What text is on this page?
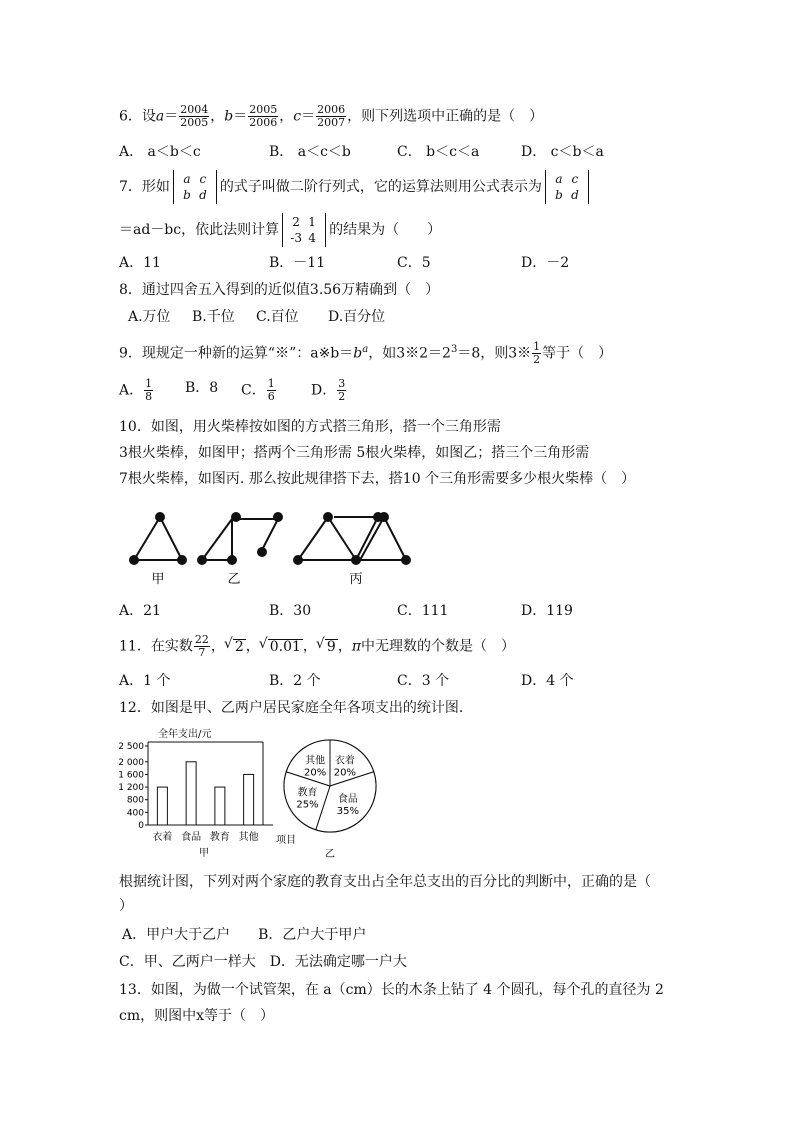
6．设$a= \frac{2004}{2005}$ ，$b= \frac{2005}{2006}$ ，$c= \frac{2006}{2007}$ ，则下列选项中正确的是（　）
A． a＜b＜c	B． a＜c＜b	C． b＜c＜a	D． c＜b＜a
7．形如	a c
b d 的式子叫做二阶行列式，它的运算法则用公式表示为	a c
b d
＝ad－bc，依此法则计算	2 1
-3 4 的结果为（　　）
A．11	B．－11	C．5	D．－2
8．通过四舍五入得到的近似值3.56万精确到（　）
A.万位 B.千位 C.百位 D.百分位
9．现规定一种新的运算“※”：$a※b=b^a$，如$3※2=2^3=8$，则3※ $\frac{1}{2}$ 等于（　）
A． $\frac{1}{8}$ B．8 C． $\frac{1}{6}$	D． $\frac{3}{2}$
10．如图，用火柴棒按如图的方式搭三角形，搭一个三角形需
3根火柴棒，如图甲；搭两个三角形需 5根火柴棒，如图乙；搭三个三角形需
7根火柴棒，如图丙. 那么按此规律搭下去，搭10 个三角形需要多少根火柴棒（　）
甲	乙	丙
A．21	B．30	C．111	D．119
11．在实数 $\frac{22}{7}$ ， √ 2 ， √ 0.01 ， √ 9 ，π中无理数的个数是（　）
A．1 个	B．2 个	C．3 个	D．4 个
12．如图是甲、乙两户居民家庭全年各项支出的统计图.
全年支出/元
2 500
2 000
1 600
1 200
800
400
0
衣着 食品 教育 其他 项目
甲
衣着
20%
食品
35%
教育
25%
其他
20%
乙
根据统计图，下列对两个家庭的教育支出占全年总支出的百分比的判断中，正确的是（
）
A．甲户大于乙户　　B．乙户大于甲户
C．甲、乙两户一样大　D．无法确定哪一户大
13．如图，为做一个试管架，在 a（cm）长的木条上钻了 4 个圆孔，每个孔的直径为 2
cm，则图中x等于（　）
